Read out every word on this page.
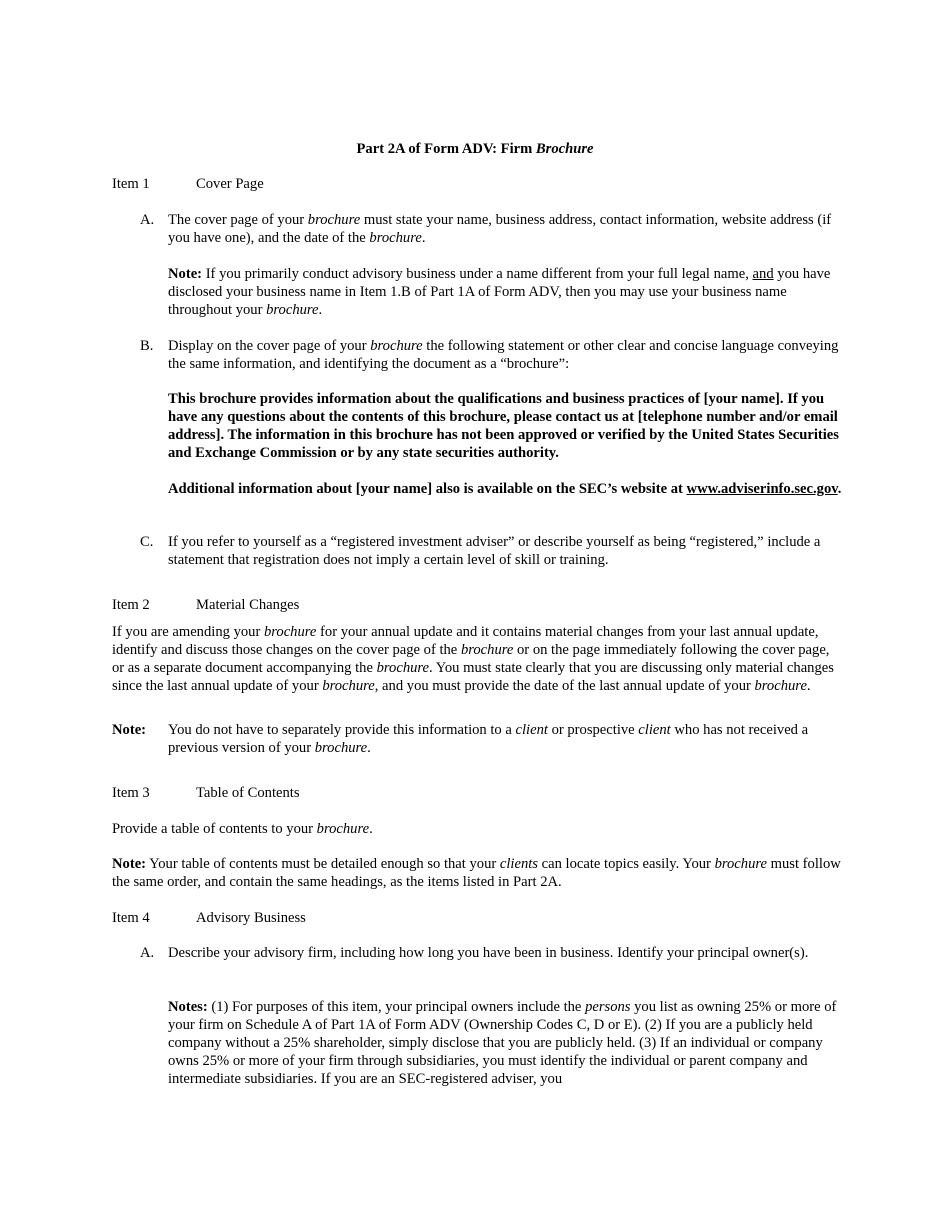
Part 2A of Form ADV: Firm Brochure
Item 1	Cover Page
A. The cover page of your brochure must state your name, business address, contact information, website address (if you have one), and the date of the brochure.
Note: If you primarily conduct advisory business under a name different from your full legal name, and you have disclosed your business name in Item 1.B of Part 1A of Form ADV, then you may use your business name throughout your brochure.
B. Display on the cover page of your brochure the following statement or other clear and concise language conveying the same information, and identifying the document as a “brochure”:
This brochure provides information about the qualifications and business practices of [your name]. If you have any questions about the contents of this brochure, please contact us at [telephone number and/or email address]. The information in this brochure has not been approved or verified by the United States Securities and Exchange Commission or by any state securities authority.
Additional information about [your name] also is available on the SEC’s website at www.adviserinfo.sec.gov.
C. If you refer to yourself as a “registered investment adviser” or describe yourself as being “registered,” include a statement that registration does not imply a certain level of skill or training.
Item 2	Material Changes
If you are amending your brochure for your annual update and it contains material changes from your last annual update, identify and discuss those changes on the cover page of the brochure or on the page immediately following the cover page, or as a separate document accompanying the brochure. You must state clearly that you are discussing only material changes since the last annual update of your brochure, and you must provide the date of the last annual update of your brochure.
Note: You do not have to separately provide this information to a client or prospective client who has not received a previous version of your brochure.
Item 3	Table of Contents
Provide a table of contents to your brochure.
Note: Your table of contents must be detailed enough so that your clients can locate topics easily. Your brochure must follow the same order, and contain the same headings, as the items listed in Part 2A.
Item 4	Advisory Business
A. Describe your advisory firm, including how long you have been in business. Identify your principal owner(s).
Notes: (1) For purposes of this item, your principal owners include the persons you list as owning 25% or more of your firm on Schedule A of Part 1A of Form ADV (Ownership Codes C, D or E). (2) If you are a publicly held company without a 25% shareholder, simply disclose that you are publicly held. (3) If an individual or company owns 25% or more of your firm through subsidiaries, you must identify the individual or parent company and intermediate subsidiaries. If you are an SEC-registered adviser, you
